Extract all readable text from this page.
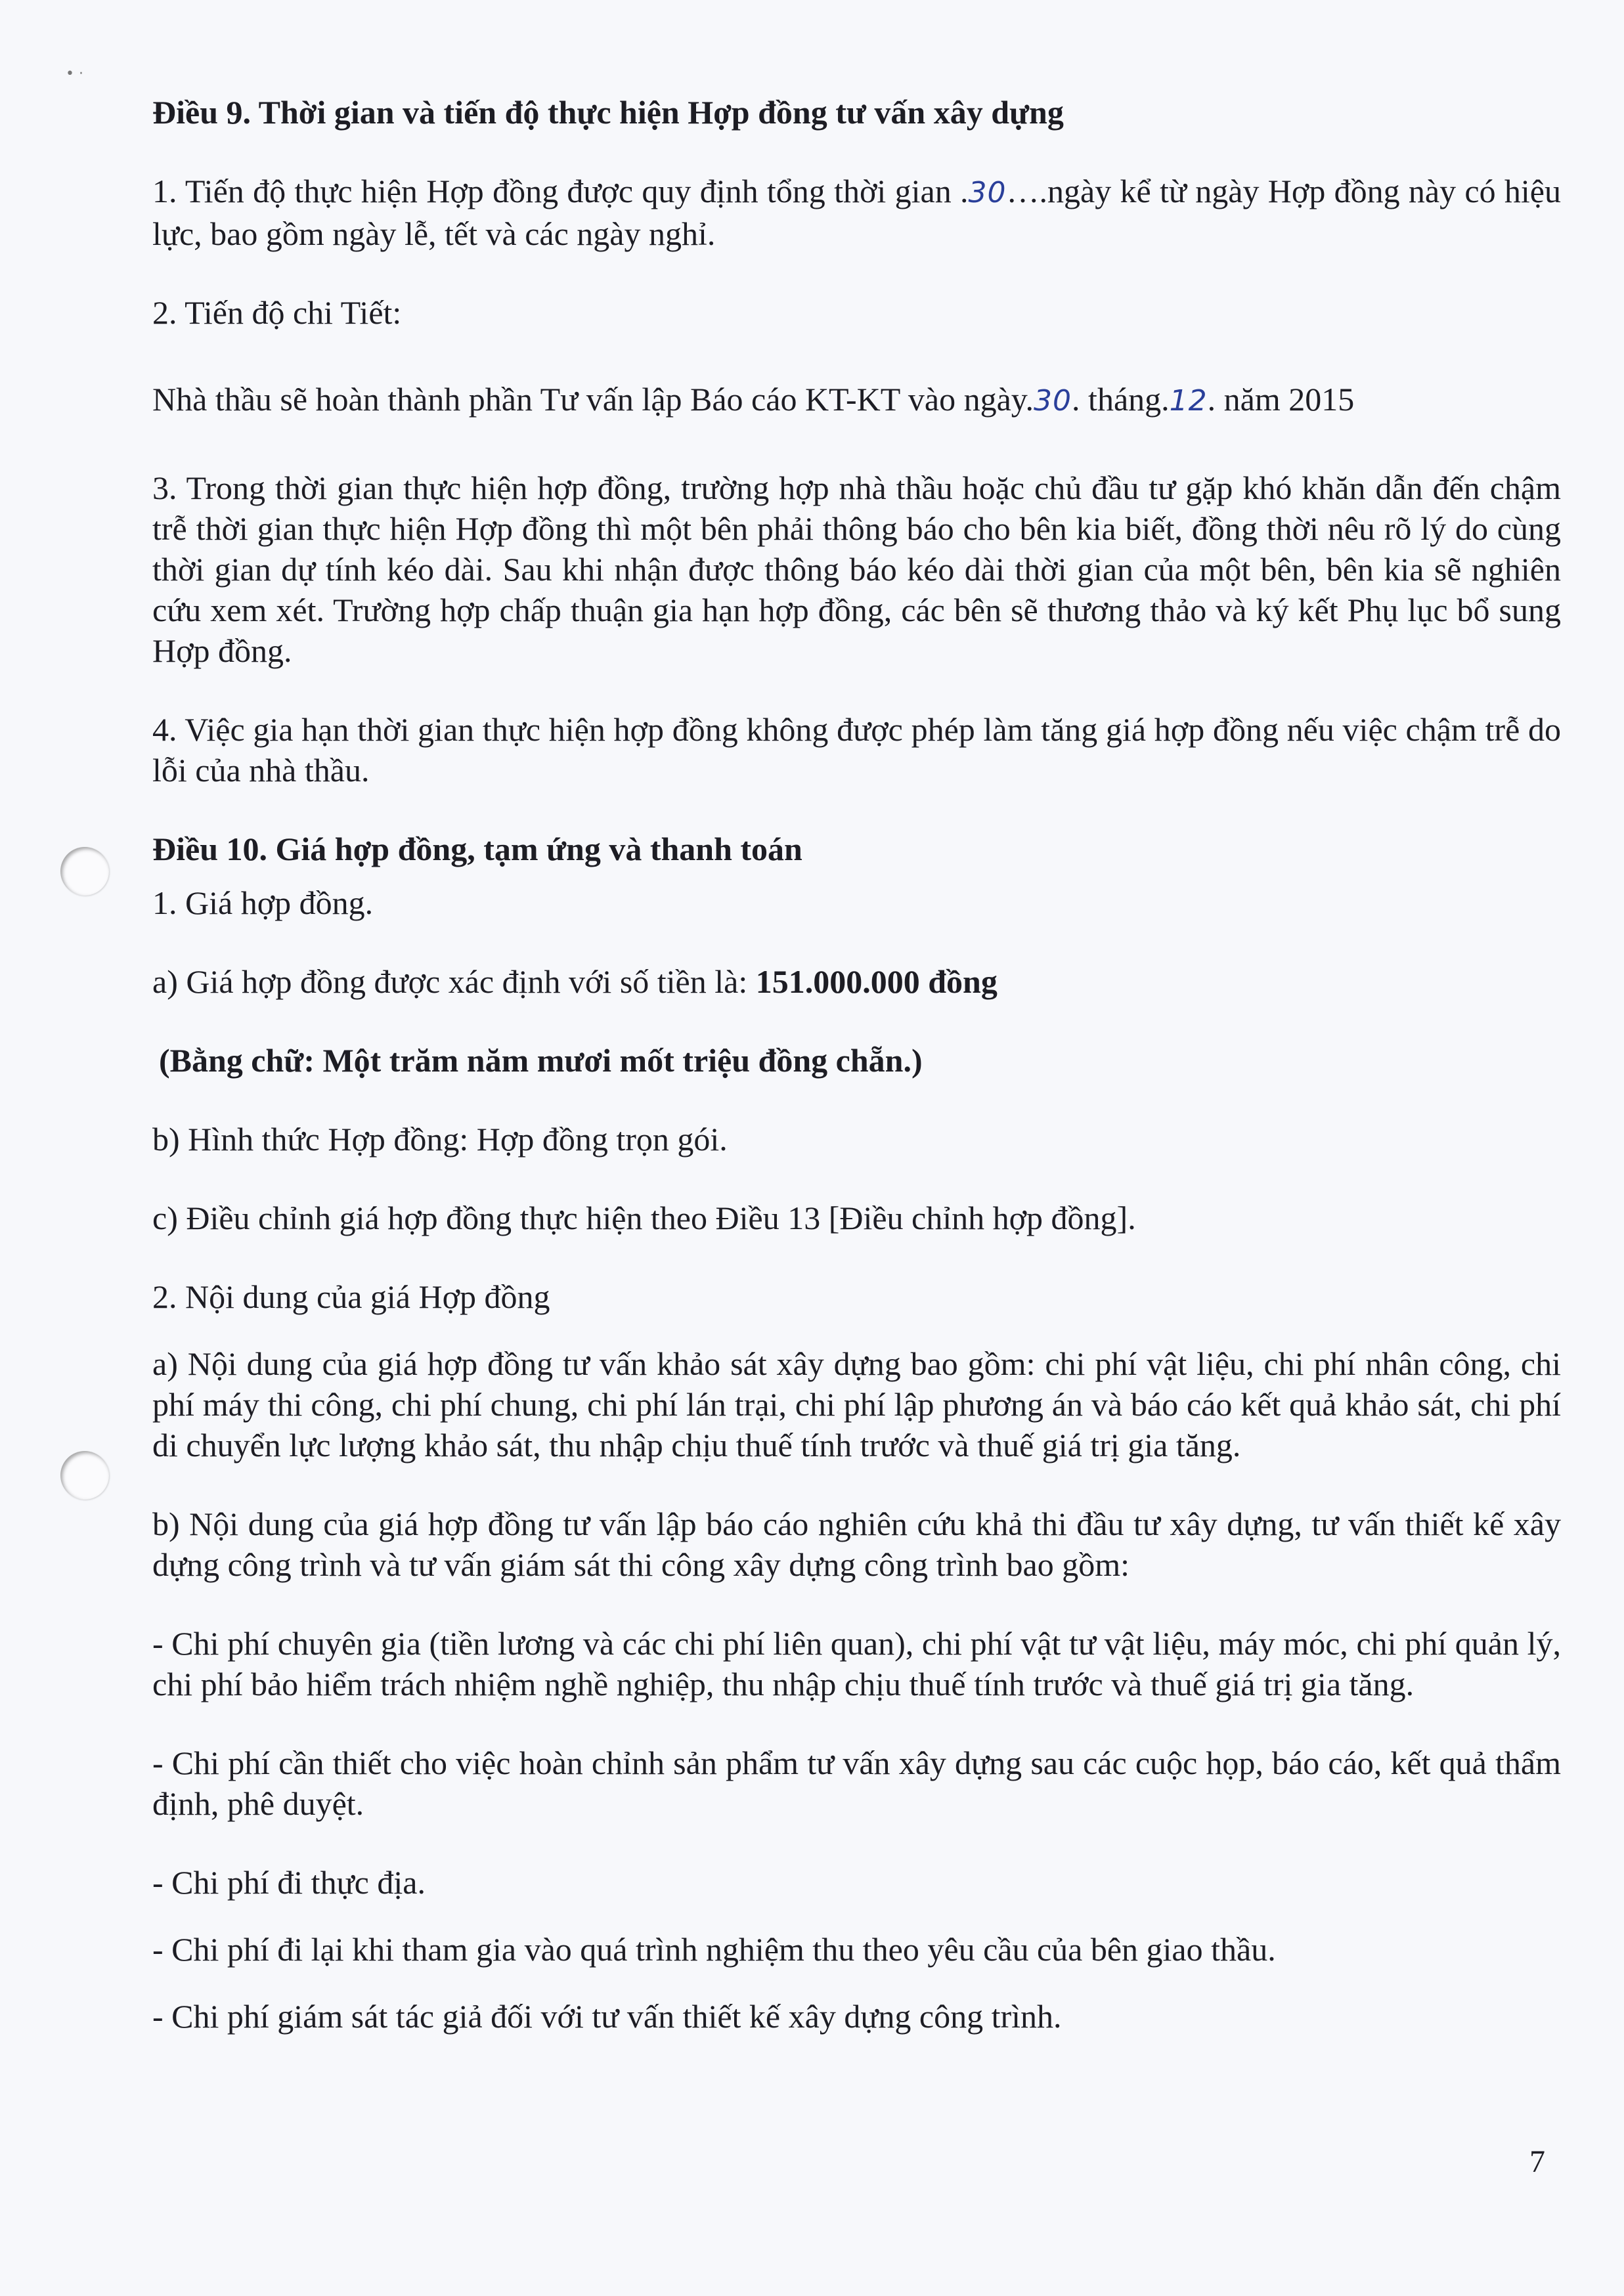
• ·

Điều 9. Thời gian và tiến độ thực hiện Hợp đồng tư vấn xây dựng

1. Tiến độ thực hiện Hợp đồng được quy định tổng thời gian .30….ngày kể từ ngày Hợp đồng này có hiệu lực, bao gồm ngày lễ, tết và các ngày nghỉ.

2. Tiến độ chi Tiết:

Nhà thầu sẽ hoàn thành phần Tư vấn lập Báo cáo KT-KT vào ngày.30. tháng.12. năm 2015

3. Trong thời gian thực hiện hợp đồng, trường hợp nhà thầu hoặc chủ đầu tư gặp khó khăn dẫn đến chậm trễ thời gian thực hiện Hợp đồng thì một bên phải thông báo cho bên kia biết, đồng thời nêu rõ lý do cùng thời gian dự tính kéo dài. Sau khi nhận được thông báo kéo dài thời gian của một bên, bên kia sẽ nghiên cứu xem xét. Trường hợp chấp thuận gia hạn hợp đồng, các bên sẽ thương thảo và ký kết Phụ lục bổ sung Hợp đồng.

4. Việc gia hạn thời gian thực hiện hợp đồng không được phép làm tăng giá hợp đồng nếu việc chậm trễ do lỗi của nhà thầu.

Điều 10. Giá hợp đồng, tạm ứng và thanh toán

1. Giá hợp đồng.

a) Giá hợp đồng được xác định với số tiền là: 151.000.000 đồng

(Bằng chữ: Một trăm năm mươi mốt triệu đồng chẵn.)

b) Hình thức Hợp đồng: Hợp đồng trọn gói.

c) Điều chỉnh giá hợp đồng thực hiện theo Điều 13 [Điều chỉnh hợp đồng].

2. Nội dung của giá Hợp đồng

a) Nội dung của giá hợp đồng tư vấn khảo sát xây dựng bao gồm: chi phí vật liệu, chi phí nhân công, chi phí máy thi công, chi phí chung, chi phí lán trại, chi phí lập phương án và báo cáo kết quả khảo sát, chi phí di chuyển lực lượng khảo sát, thu nhập chịu thuế tính trước và thuế giá trị gia tăng.

b) Nội dung của giá hợp đồng tư vấn lập báo cáo nghiên cứu khả thi đầu tư xây dựng, tư vấn thiết kế xây dựng công trình và tư vấn giám sát thi công xây dựng công trình bao gồm:

- Chi phí chuyên gia (tiền lương và các chi phí liên quan), chi phí vật tư vật liệu, máy móc, chi phí quản lý, chi phí bảo hiểm trách nhiệm nghề nghiệp, thu nhập chịu thuế tính trước và thuế giá trị gia tăng.

- Chi phí cần thiết cho việc hoàn chỉnh sản phẩm tư vấn xây dựng sau các cuộc họp, báo cáo, kết quả thẩm định, phê duyệt.

- Chi phí đi thực địa.

- Chi phí đi lại khi tham gia vào quá trình nghiệm thu theo yêu cầu của bên giao thầu.

- Chi phí giám sát tác giả đối với tư vấn thiết kế xây dựng công trình.

7
